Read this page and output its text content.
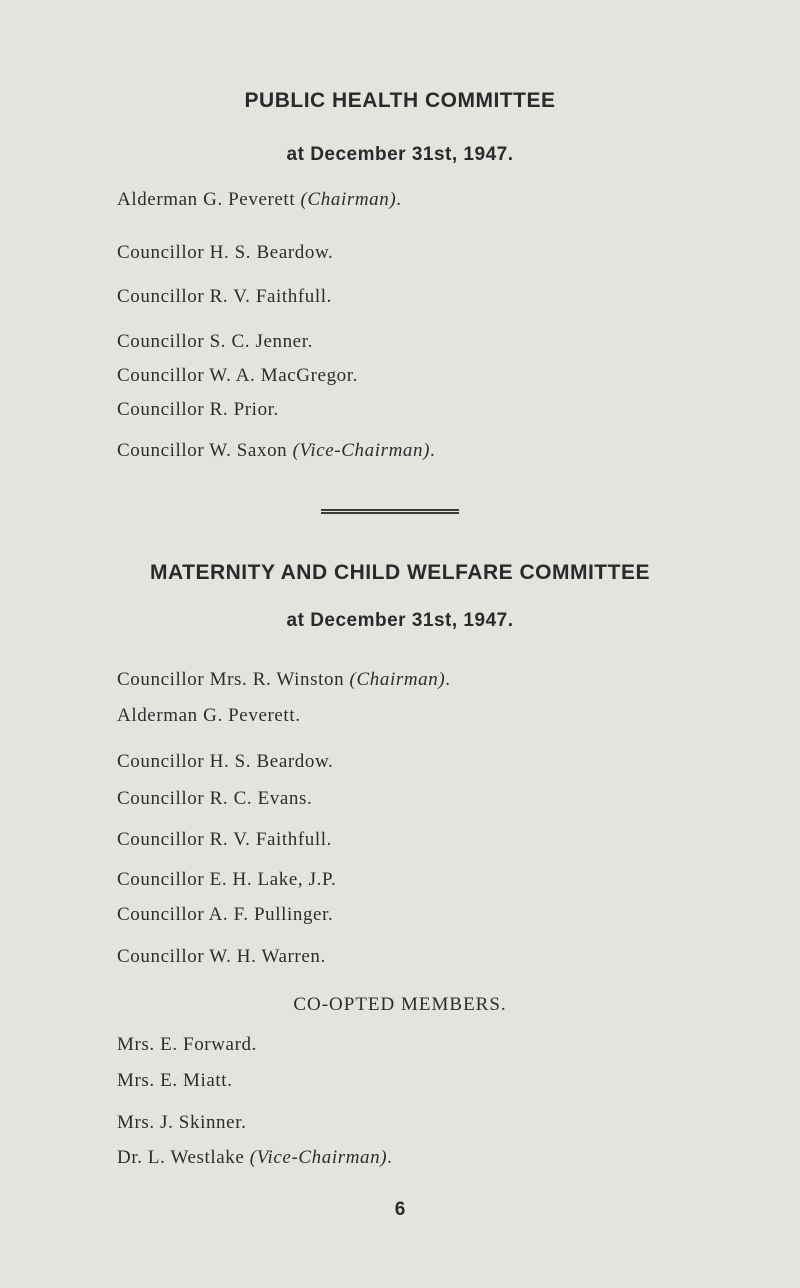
PUBLIC HEALTH COMMITTEE
at December 31st, 1947.
Alderman G. Peverett (Chairman).
Councillor H. S. Beardow.
Councillor R. V. Faithfull.
Councillor S. C. Jenner.
Councillor W. A. MacGregor.
Councillor R. Prior.
Councillor W. Saxon (Vice-Chairman).
MATERNITY AND CHILD WELFARE COMMITTEE
at December 31st, 1947.
Councillor Mrs. R. Winston (Chairman).
Alderman G. Peverett.
Councillor H. S. Beardow.
Councillor R. C. Evans.
Councillor R. V. Faithfull.
Councillor E. H. Lake, J.P.
Councillor A. F. Pullinger.
Councillor W. H. Warren.
CO-OPTED MEMBERS.
Mrs. E. Forward.
Mrs. E. Miatt.
Mrs. J. Skinner.
Dr. L. Westlake (Vice-Chairman).
6
